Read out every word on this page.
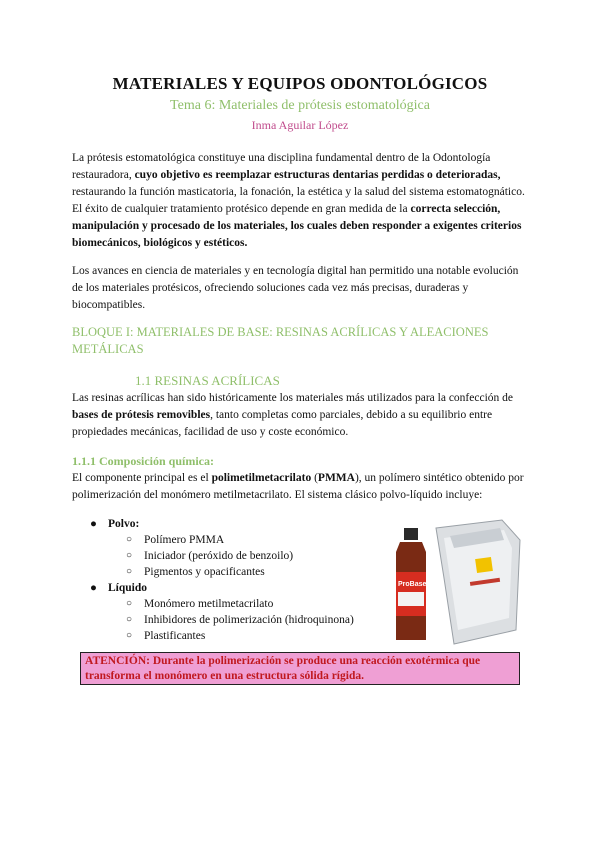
MATERIALES Y EQUIPOS ODONTOLÓGICOS
Tema 6: Materiales de prótesis estomatológica
Inma Aguilar López
La prótesis estomatológica constituye una disciplina fundamental dentro de la Odontología restauradora, cuyo objetivo es reemplazar estructuras dentarias perdidas o deterioradas, restaurando la función masticatoria, la fonación, la estética y la salud del sistema estomatognático. El éxito de cualquier tratamiento protésico depende en gran medida de la correcta selección, manipulación y procesado de los materiales, los cuales deben responder a exigentes criterios biomecánicos, biológicos y estéticos.
Los avances en ciencia de materiales y en tecnología digital han permitido una notable evolución de los materiales protésicos, ofreciendo soluciones cada vez más precisas, duraderas y biocompatibles.
BLOQUE I: MATERIALES DE BASE: RESINAS ACRÍLICAS Y ALEACIONES METÁLICAS
1.1 RESINAS ACRÍLICAS
Las resinas acrílicas han sido históricamente los materiales más utilizados para la confección de bases de prótesis removibles, tanto completas como parciales, debido a su equilibrio entre propiedades mecánicas, facilidad de uso y coste económico.
1.1.1 Composición química:
El componente principal es el polimetilmetacrilato (PMMA), un polímero sintético obtenido por polimerización del monómero metilmetacrilato. El sistema clásico polvo-líquido incluye:
● Polvo:
○ Polímero PMMA
○ Iniciador (peróxido de benzoilo)
○ Pigmentos y opacificantes
● Líquido
○ Monómero metilmetacrilato
○ Inhibidores de polimerización (hidroquinona)
○ Plastificantes
ProBase
ATENCIÓN: Durante la polimerización se produce una reacción exotérmica que transforma el monómero en una estructura sólida rígida.
